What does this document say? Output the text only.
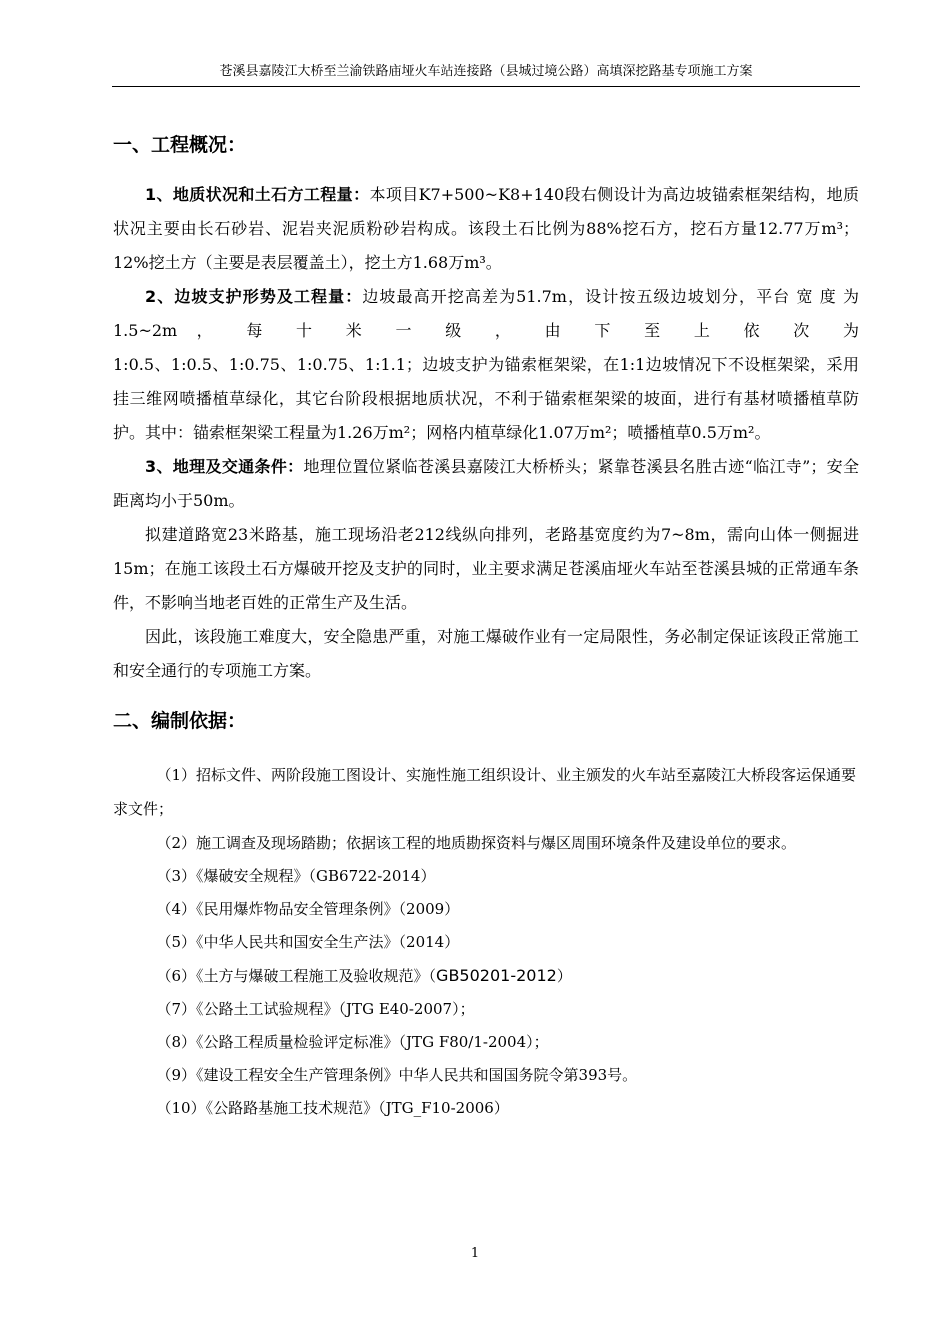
苍溪县嘉陵江大桥至兰渝铁路庙垭火车站连接路（县城过境公路）高填深挖路基专项施工方案
一、工程概况：

1、地质状况和土石方工程量：本项目K7+500~K8+140段右侧设计为高边坡锚索框架结构，地质状况主要由长石砂岩、泥岩夹泥质粉砂岩构成。该段土石比例为88%挖石方，挖石方量12.77万m³；12%挖土方（主要是表层覆盖土），挖土方1.68万m³。

2、边坡支护形势及工程量：边坡最高开挖高差为51.7m，设计按五级边坡划分，平台 宽 度 为 1.5~2m ， 每 十 米 一 级 ， 由 下 至 上 依 次 为

1:0.5、1:0.5、1:0.75、1:0.75、1:1.1；边坡支护为锚索框架梁，在1:1边坡情况下不设框架梁，采用挂三维网喷播植草绿化，其它台阶段根据地质状况，不利于锚索框架梁的坡面，进行有基材喷播植草防护。其中：锚索框架梁工程量为1.26万m²；网格内植草绿化1.07万m²；喷播植草0.5万m²。

3、地理及交通条件：地理位置位紧临苍溪县嘉陵江大桥桥头；紧靠苍溪县名胜古迹“临江寺”；安全距离均小于50m。

拟建道路宽23米路基，施工现场沿老212线纵向排列，老路基宽度约为7~8m，需向山体一侧掘进15m；在施工该段土石方爆破开挖及支护的同时，业主要求满足苍溪庙垭火车站至苍溪县城的正常通车条件，不影响当地老百姓的正常生产及生活。

因此，该段施工难度大，安全隐患严重，对施工爆破作业有一定局限性，务必制定保证该段正常施工和安全通行的专项施工方案。

二、编制依据：

（1）招标文件、两阶段施工图设计、实施性施工组织设计、业主颁发的火车站至嘉陵江大桥段客运保通要求文件；

（2）施工调查及现场踏勘；依据该工程的地质勘探资料与爆区周围环境条件及建设单位的要求。

（3）《爆破安全规程》（GB6722-2014）

（4）《民用爆炸物品安全管理条例》（2009）

（5）《中华人民共和国安全生产法》（2014）

（6）《土方与爆破工程施工及验收规范》（GB50201-2012）

（7）《公路土工试验规程》（JTG E40-2007）；

（8）《公路工程质量检验评定标准》（JTG F80/1-2004）；

（9）《建设工程安全生产管理条例》中华人民共和国国务院令第393号。

（10）《公路路基施工技术规范》（JTG_F10-2006）

1
